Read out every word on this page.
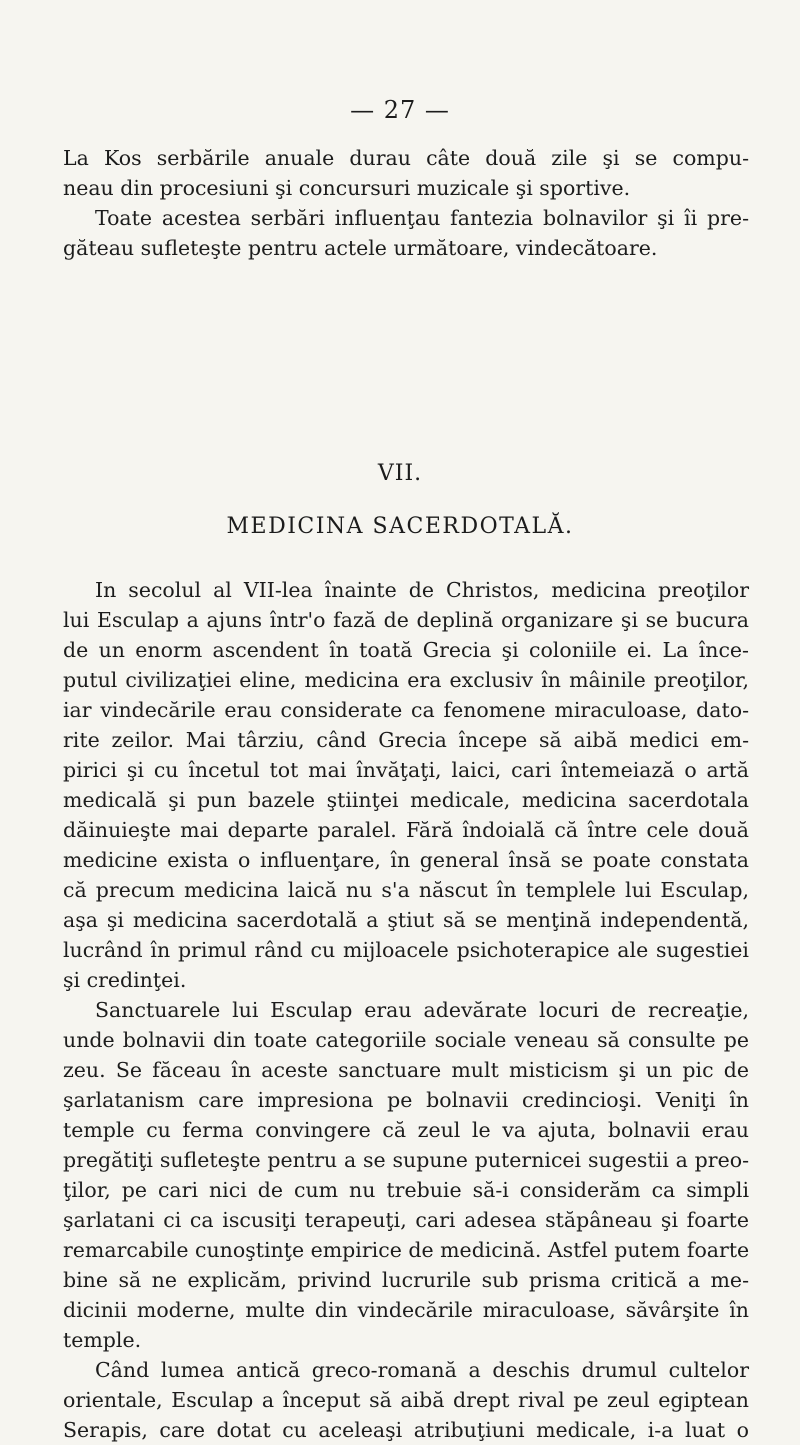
— 27 —
La Kos serbările anuale durau câte două zile şi se compu-
neau din procesiuni şi concursuri muzicale şi sportive.
Toate acestea serbări influenţau fantezia bolnavilor şi îi pre-
găteau sufleteşte pentru actele următoare, vindecătoare.
VII.
MEDICINA SACERDOTALĂ.
In secolul al VII-lea înainte de Christos, medicina preoţilor
lui Esculap a ajuns într'o fază de deplină organizare şi se bucura
de un enorm ascendent în toată Grecia şi coloniile ei. La înce-
putul civilizaţiei eline, medicina era exclusiv în mâinile preoţilor,
iar vindecările erau considerate ca fenomene miraculoase, dato-
rite zeilor. Mai târziu, când Grecia începe să aibă medici em-
pirici şi cu încetul tot mai învăţaţi, laici, cari întemeiază o artă
medicală şi pun bazele ştiinţei medicale, medicina sacerdotala
dăinuieşte mai departe paralel. Fără îndoială că între cele două
medicine exista o influenţare, în general însă se poate constata
că precum medicina laică nu s'a născut în templele lui Esculap,
aşa şi medicina sacerdotală a ştiut să se menţină independentă,
lucrând în primul rând cu mijloacele psichoterapice ale sugestiei
şi credinţei.
Sanctuarele lui Esculap erau adevărate locuri de recreaţie,
unde bolnavii din toate categoriile sociale veneau să consulte pe
zeu. Se făceau în aceste sanctuare mult misticism şi un pic de
şarlatanism care impresiona pe bolnavii credincioşi. Veniţi în
temple cu ferma convingere că zeul le va ajuta, bolnavii erau
pregătiţi sufleteşte pentru a se supune puternicei sugestii a preo-
ţilor, pe cari nici de cum nu trebuie să-i considerăm ca simpli
şarlatani ci ca iscusiţi terapeuţi, cari adesea stăpâneau şi foarte
remarcabile cunoştinţe empirice de medicină. Astfel putem foarte
bine să ne explicăm, privind lucrurile sub prisma critică a me-
dicinii moderne, multe din vindecările miraculoase, săvârşite în
temple.
Când lumea antică greco-romană a deschis drumul cultelor
orientale, Esculap a început să aibă drept rival pe zeul egiptean
Serapis, care dotat cu aceleaşi atribuţiuni medicale, i-a luat o
